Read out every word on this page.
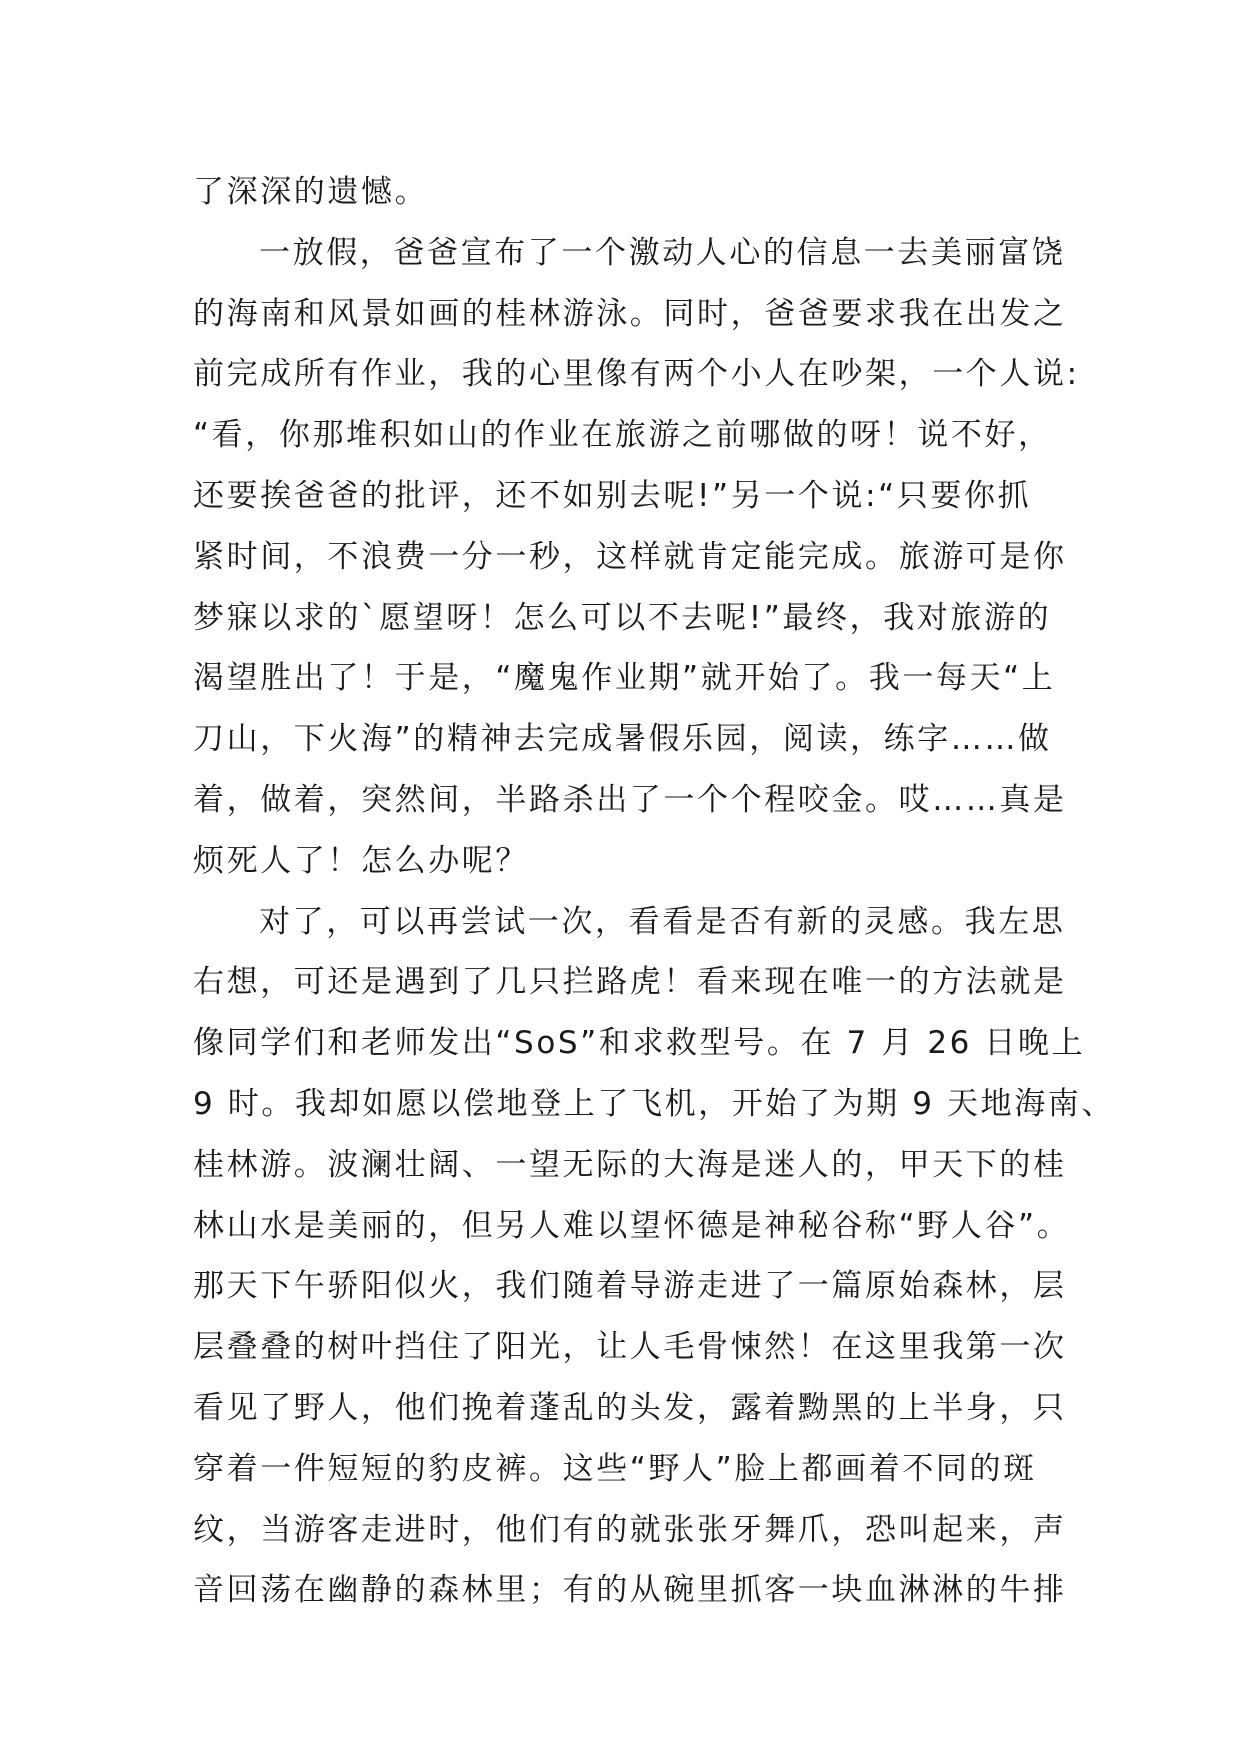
了深深的遗憾。
一放假，爸爸宣布了一个激动人心的信息一去美丽富饶
的海南和风景如画的桂林游泳。同时，爸爸要求我在出发之
前完成所有作业，我的心里像有两个小人在吵架，一个人说:
“看，你那堆积如山的作业在旅游之前哪做的呀！说不好，
还要挨爸爸的批评，还不如别去呢!”另一个说:“只要你抓
紧时间，不浪费一分一秒，这样就肯定能完成。旅游可是你
梦寐以求的`愿望呀！怎么可以不去呢!”最终，我对旅游的
渴望胜出了！于是，“魔鬼作业期”就开始了。我一每天“上
刀山，下火海”的精神去完成暑假乐园，阅读，练字……做
着，做着，突然间，半路杀出了一个个程咬金。哎……真是
烦死人了！怎么办呢？
对了，可以再尝试一次，看看是否有新的灵感。我左思
右想，可还是遇到了几只拦路虎！看来现在唯一的方法就是
像同学们和老师发出“SoS”和求救型号。在 7 月 26 日晚上
9 时。我却如愿以偿地登上了飞机，开始了为期 9 天地海南、
桂林游。波澜壮阔、一望无际的大海是迷人的，甲天下的桂
林山水是美丽的，但另人难以望怀德是神秘谷称“野人谷”。
那天下午骄阳似火，我们随着导游走进了一篇原始森林，层
层叠叠的树叶挡住了阳光，让人毛骨悚然！在这里我第一次
看见了野人，他们挽着蓬乱的头发，露着黝黑的上半身，只
穿着一件短短的豹皮裤。这些“野人”脸上都画着不同的斑
纹，当游客走进时，他们有的就张张牙舞爪，恐叫起来，声
音回荡在幽静的森林里；有的从碗里抓客一块血淋淋的牛排
